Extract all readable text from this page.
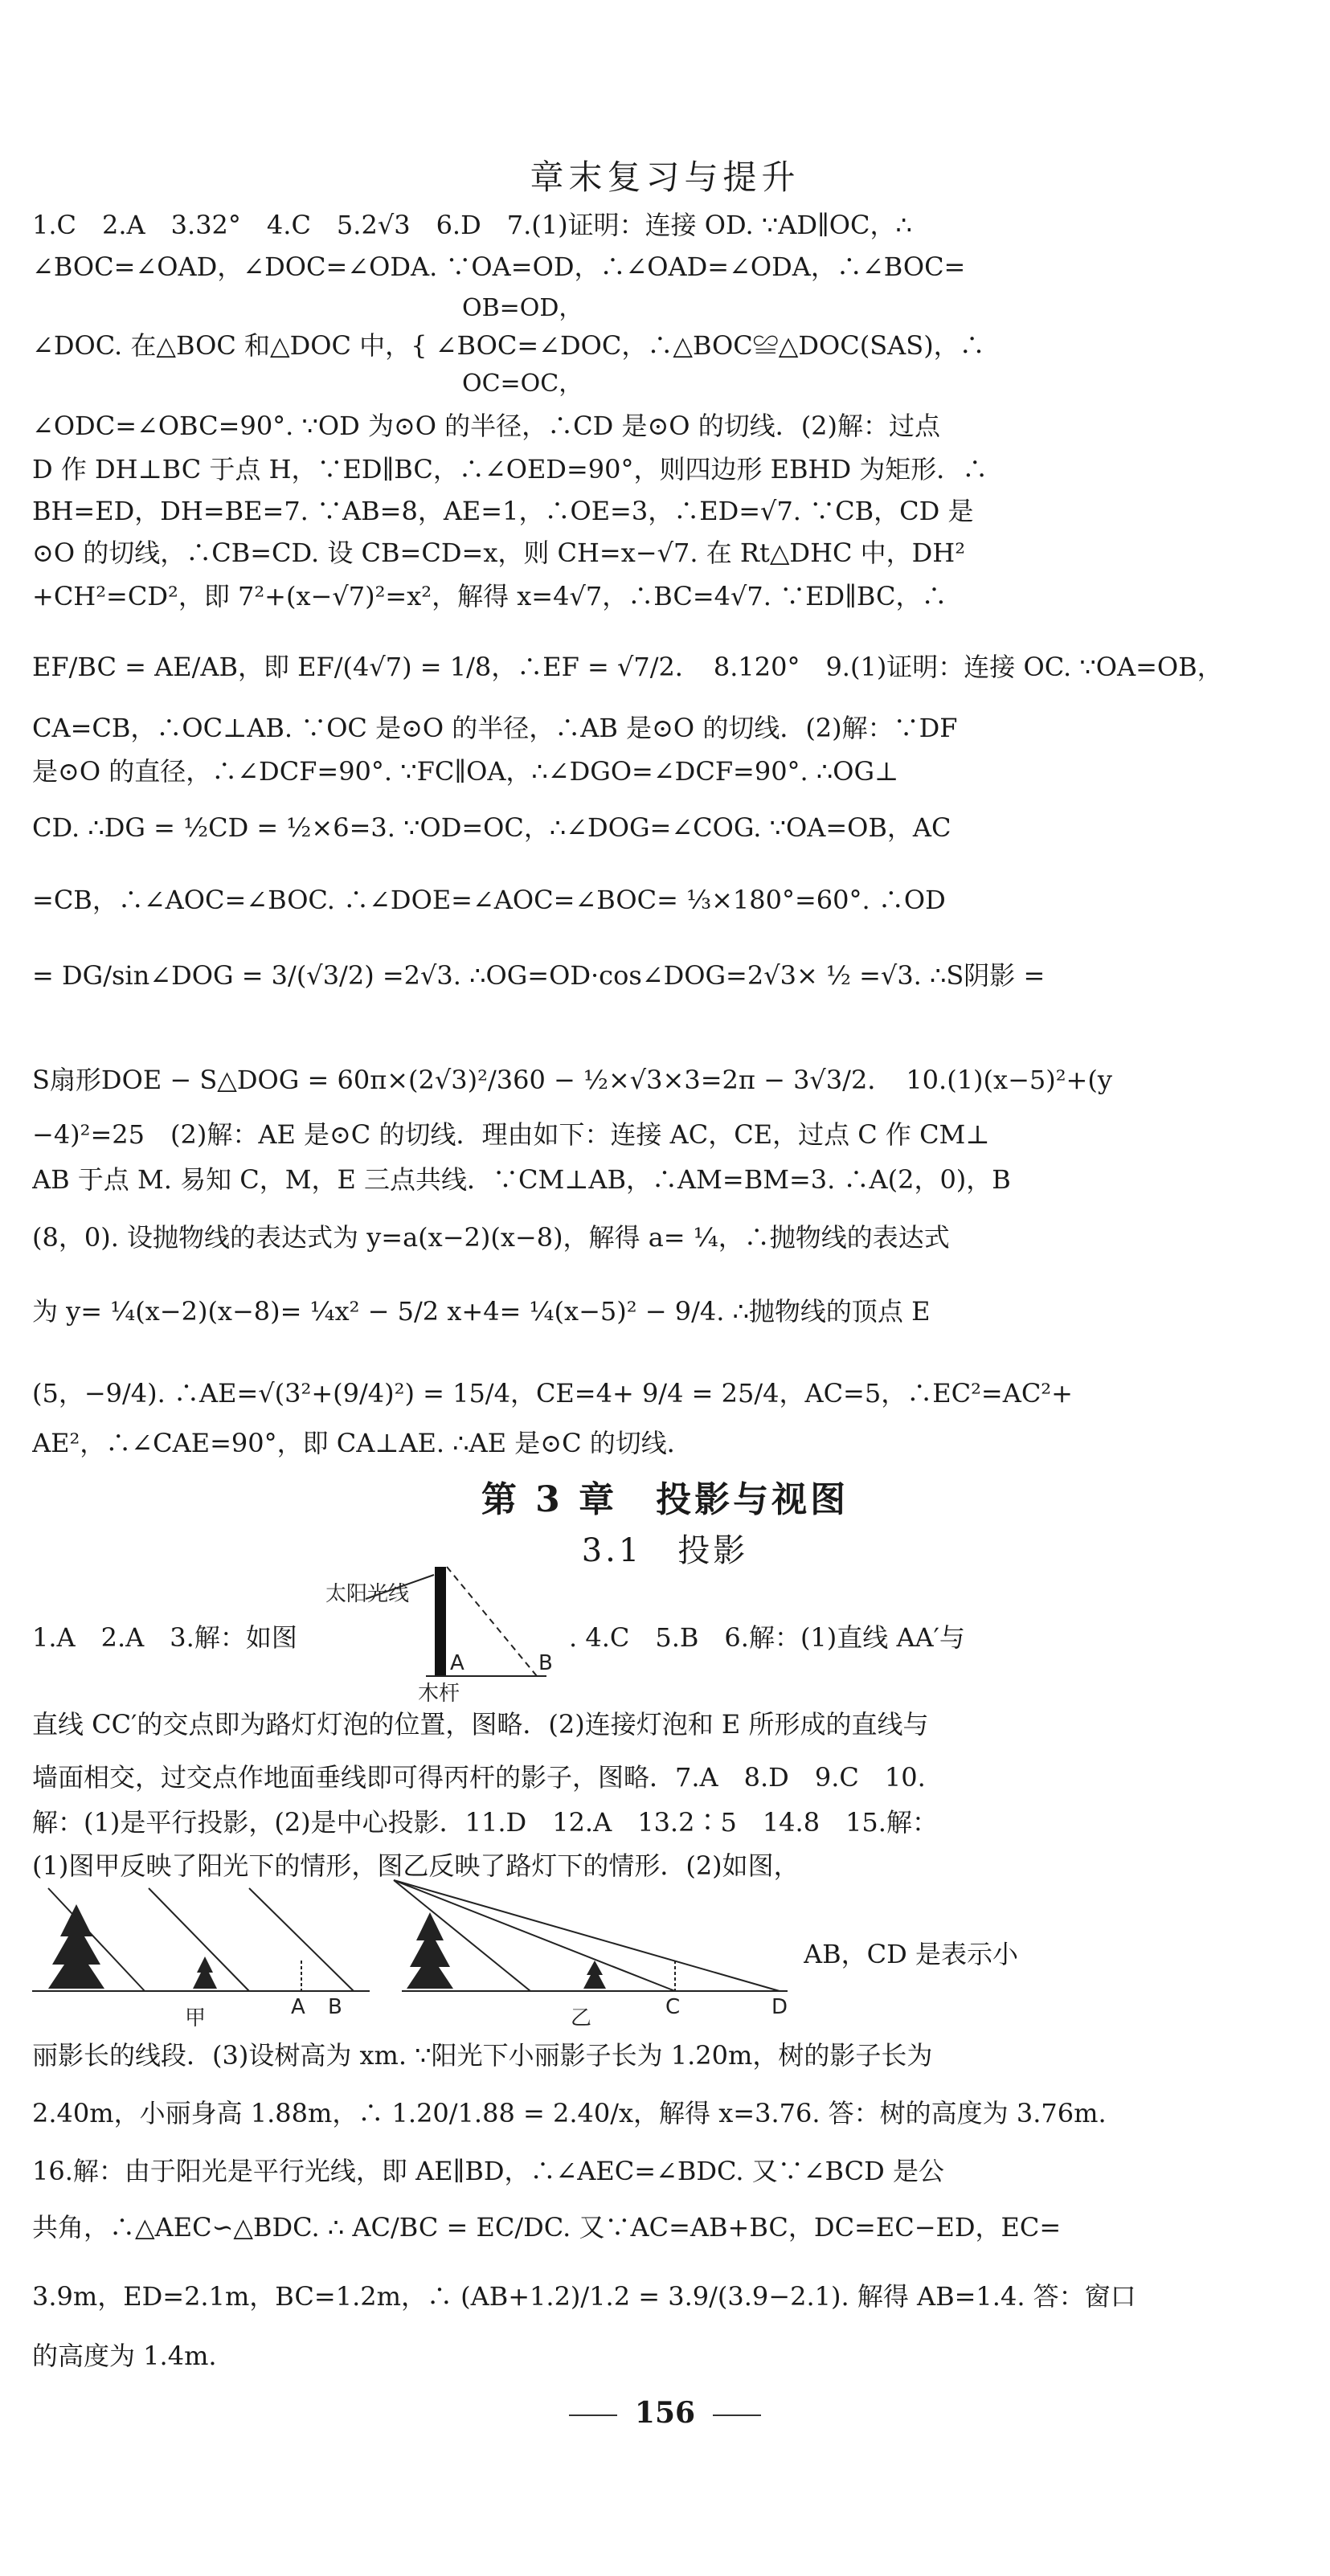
章末复习与提升
1.C　2.A　3.32°　4.C　5.2√3　6.D　7.(1)证明：连接 OD. ∵AD∥OC，∴
∠BOC=∠OAD，∠DOC=∠ODA. ∵OA=OD，∴∠OAD=∠ODA，∴∠BOC=
OB=OD，
∠DOC. 在△BOC 和△DOC 中，{ ∠BOC=∠DOC，∴△BOC≌△DOC(SAS)，∴
OC=OC，
∠ODC=∠OBC=90°. ∵OD 为⊙O 的半径，∴CD 是⊙O 的切线．(2)解：过点
D 作 DH⊥BC 于点 H，∵ED∥BC，∴∠OED=90°，则四边形 EBHD 为矩形．∴
BH=ED，DH=BE=7. ∵AB=8，AE=1，∴OE=3，∴ED=√7. ∵CB，CD 是
⊙O 的切线，∴CB=CD. 设 CB=CD=x，则 CH=x−√7. 在 Rt△DHC 中，DH²
+CH²=CD²，即 7²+(x−√7)²=x²，解得 x=4√7，∴BC=4√7. ∵ED∥BC，∴
EF/BC = AE/AB，即 EF/(4√7) = 1/8，∴EF = √7/2．　8.120°　9.(1)证明：连接 OC. ∵OA=OB，
CA=CB，∴OC⊥AB. ∵OC 是⊙O 的半径，∴AB 是⊙O 的切线．(2)解：∵DF
是⊙O 的直径，∴∠DCF=90°. ∵FC∥OA，∴∠DGO=∠DCF=90°. ∴OG⊥
CD. ∴DG = ½CD = ½×6=3. ∵OD=OC，∴∠DOG=∠COG. ∵OA=OB，AC
=CB，∴∠AOC=∠BOC. ∴∠DOE=∠AOC=∠BOC= ⅓×180°=60°. ∴OD
= DG/sin∠DOG = 3/(√3/2) =2√3. ∴OG=OD·cos∠DOG=2√3× ½ =√3. ∴S阴影 =
S扇形DOE − S△DOG = 60π×(2√3)²/360 − ½×√3×3=2π − 3√3/2．　10.(1)(x−5)²+(y
−4)²=25　(2)解：AE 是⊙C 的切线．理由如下：连接 AC，CE，过点 C 作 CM⊥
AB 于点 M. 易知 C，M，E 三点共线．∵CM⊥AB，∴AM=BM=3. ∴A(2，0)，B
(8，0). 设抛物线的表达式为 y=a(x−2)(x−8)，解得 a= ¼，∴抛物线的表达式
为 y= ¼(x−2)(x−8)= ¼x² − 5/2 x+4= ¼(x−5)² − 9/4. ∴抛物线的顶点 E
(5，−9/4). ∴AE=√(3²+(9/4)²) = 15/4，CE=4+ 9/4 = 25/4，AC=5，∴EC²=AC²+
AE²，∴∠CAE=90°，即 CA⊥AE. ∴AE 是⊙C 的切线．
第 3 章　投影与视图
3.1　投影
1.A　2.A　3.解：如图
太阳光线
A	B
木杆
. 4.C　5.B　6.解：(1)直线 AA′与
直线 CC′的交点即为路灯灯泡的位置，图略．(2)连接灯泡和 E 所形成的直线与
墙面相交，过交点作地面垂线即可得丙杆的影子，图略．7.A　8.D　9.C　10.
解：(1)是平行投影，(2)是中心投影．11.D　12.A　13.2∶5　14.8　15.解：
(1)图甲反映了阳光下的情形，图乙反映了路灯下的情形．(2)如图，
甲	A B	乙	C	D
AB，CD 是表示小
丽影长的线段．(3)设树高为 xm. ∵阳光下小丽影子长为 1.20m，树的影子长为
2.40m，小丽身高 1.88m，∴ 1.20/1.88 = 2.40/x，解得 x=3.76. 答：树的高度为 3.76m.
16.解：由于阳光是平行光线，即 AE∥BD，∴∠AEC=∠BDC. 又∵∠BCD 是公
共角，∴△AEC∽△BDC. ∴ AC/BC = EC/DC. 又∵AC=AB+BC，DC=EC−ED，EC=
3.9m，ED=2.1m，BC=1.2m，∴ (AB+1.2)/1.2 = 3.9/(3.9−2.1). 解得 AB=1.4. 答：窗口
的高度为 1.4m.
156
